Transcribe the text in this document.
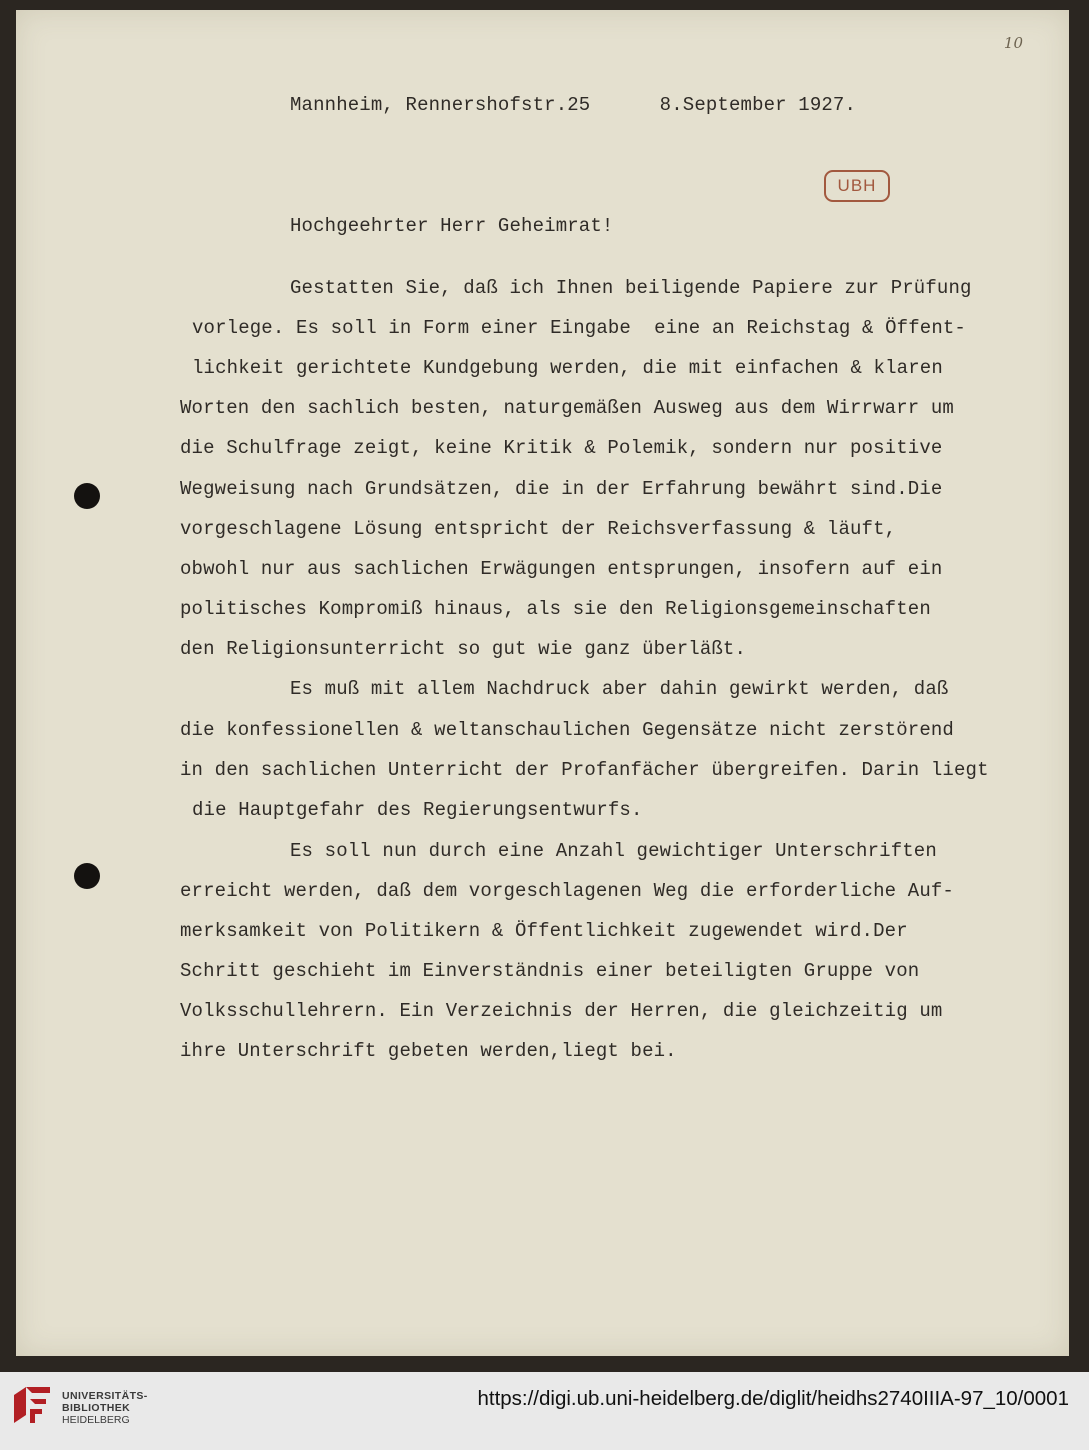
10
UBH
Mannheim, Rennershofstr.25      8.September 1927.
Hochgeehrter Herr Geheimrat!
Gestatten Sie, daß ich Ihnen beiligende Papiere zur Prüfung
vorlege. Es soll in Form einer Eingabe  eine an Reichstag & Öffent-
lichkeit gerichtete Kundgebung werden, die mit einfachen & klaren
Worten den sachlich besten, naturgemäßen Ausweg aus dem Wirrwarr um
die Schulfrage zeigt, keine Kritik & Polemik, sondern nur positive
Wegweisung nach Grundsätzen, die in der Erfahrung bewährt sind.Die
vorgeschlagene Lösung entspricht der Reichsverfassung & läuft,
obwohl nur aus sachlichen Erwägungen entsprungen, insofern auf ein
politisches Kompromiß hinaus, als sie den Religionsgemeinschaften
den Religionsunterricht so gut wie ganz überläßt.
Es muß mit allem Nachdruck aber dahin gewirkt werden, daß
die konfessionellen & weltanschaulichen Gegensätze nicht zerstörend
in den sachlichen Unterricht der Profanfächer übergreifen. Darin liegt
die Hauptgefahr des Regierungsentwurfs.
Es soll nun durch eine Anzahl gewichtiger Unterschriften
erreicht werden, daß dem vorgeschlagenen Weg die erforderliche Auf-
merksamkeit von Politikern & Öffentlichkeit zugewendet wird.Der
Schritt geschieht im Einverständnis einer beteiligten Gruppe von
Volksschullehrern. Ein Verzeichnis der Herren, die gleichzeitig um
ihre Unterschrift gebeten werden,liegt bei.
UNIVERSITÄTS-
BIBLIOTHEK
HEIDELBERG
https://digi.ub.uni-heidelberg.de/diglit/heidhs2740IIIA-97_10/0001
